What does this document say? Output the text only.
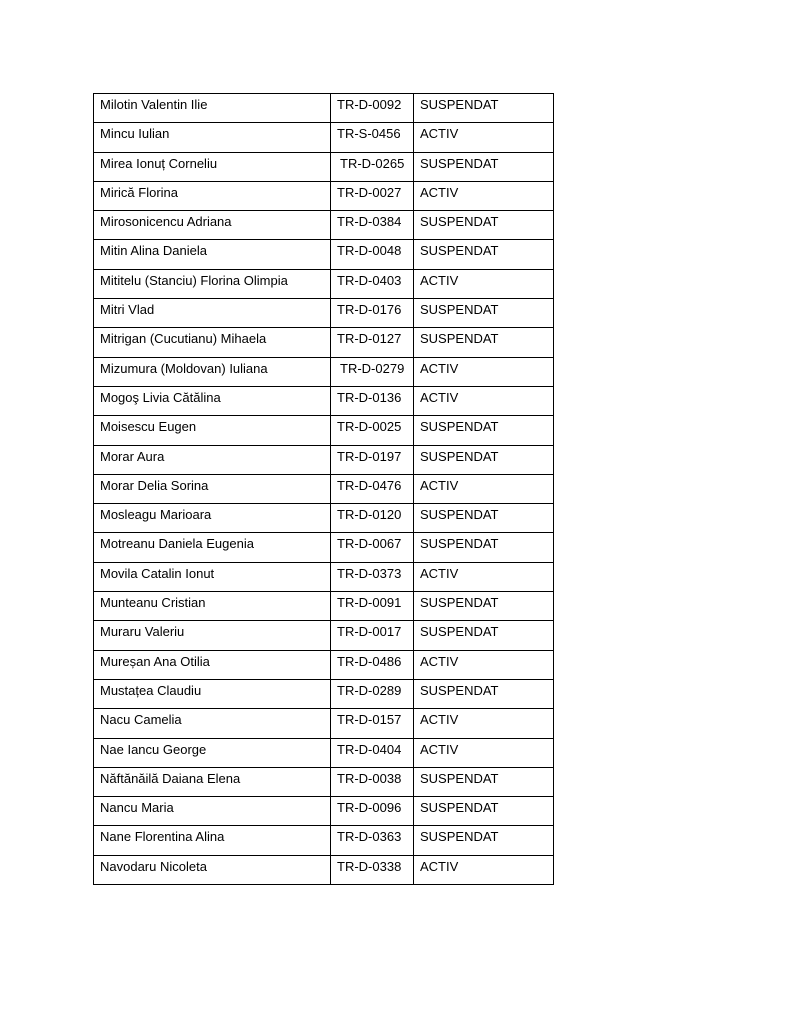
Milotin Valentin Ilie	TR-D-0092	SUSPENDAT

Mincu Iulian	TR-S-0456	ACTIV

Mirea Ionuț Corneliu	TR-D-0265	SUSPENDAT

Mirică Florina	TR-D-0027	ACTIV

Mirosonicencu Adriana	TR-D-0384	SUSPENDAT

Mitin Alina Daniela	TR-D-0048	SUSPENDAT

Mititelu (Stanciu) Florina Olimpia	TR-D-0403	ACTIV

Mitri Vlad	TR-D-0176	SUSPENDAT

Mitrigan (Cucutianu) Mihaela	TR-D-0127	SUSPENDAT

Mizumura (Moldovan) Iuliana	TR-D-0279	ACTIV

Mogoş Livia Cătălina	TR-D-0136	ACTIV

Moisescu Eugen	TR-D-0025	SUSPENDAT

Morar Aura	TR-D-0197	SUSPENDAT

Morar Delia Sorina	TR-D-0476	ACTIV

Mosleagu Marioara	TR-D-0120	SUSPENDAT

Motreanu Daniela Eugenia	TR-D-0067	SUSPENDAT

Movila Catalin Ionut	TR-D-0373	ACTIV

Munteanu Cristian	TR-D-0091	SUSPENDAT

Muraru Valeriu	TR-D-0017	SUSPENDAT

Mureșan Ana Otilia	TR-D-0486	ACTIV

Mustațea Claudiu	TR-D-0289	SUSPENDAT

Nacu Camelia	TR-D-0157	ACTIV

Nae Iancu George	TR-D-0404	ACTIV

Năftănăilă Daiana Elena	TR-D-0038	SUSPENDAT

Nancu Maria	TR-D-0096	SUSPENDAT

Nane Florentina Alina	TR-D-0363	SUSPENDAT

Navodaru Nicoleta	TR-D-0338	ACTIV
